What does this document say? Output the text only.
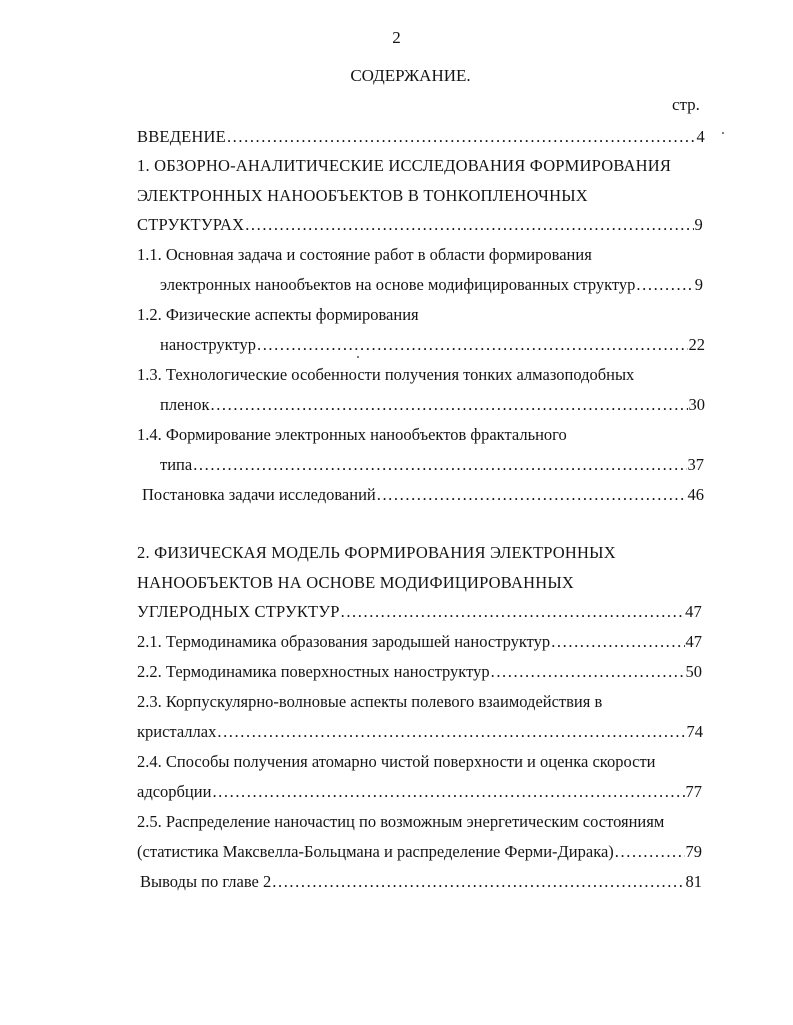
2
СОДЕРЖАНИЕ.
стр.
ВВЕДЕНИЕ .....	4
1. ОБЗОРНО-АНАЛИТИЧЕСКИЕ ИССЛЕДОВАНИЯ ФОРМИРОВАНИЯ
ЭЛЕКТРОННЫХ НАНООБЪЕКТОВ В ТОНКОПЛЕНОЧНЫХ
СТРУКТУРАХ .....	9
1.1. Основная задача и состояние работ в области формирования
электронных нанообъектов на основе модифицированных структур .....	9
1.2. Физические аспекты формирования
наноструктур .....	22
1.3. Технологические особенности получения тонких алмазоподобных
пленок .....	30
1.4. Формирование электронных нанообъектов фрактального
типа .....	37
Постановка задачи исследований .....	46
2. ФИЗИЧЕСКАЯ МОДЕЛЬ ФОРМИРОВАНИЯ ЭЛЕКТРОННЫХ
НАНООБЪЕКТОВ НА ОСНОВЕ МОДИФИЦИРОВАННЫХ
УГЛЕРОДНЫХ СТРУКТУР .....	47
2.1. Термодинамика образования зародышей наноструктур .....	47
2.2. Термодинамика поверхностных наноструктур .....	50
2.3. Корпускулярно-волновые аспекты полевого взаимодействия в
кристаллах .....	74
2.4. Способы получения атомарно чистой поверхности и оценка скорости
адсорбции .....	77
2.5. Распределение наночастиц по возможным энергетическим состояниям
(статистика Максвелла-Больцмана и распределение Ферми-Дирака) .....	79
Выводы по главе 2 .....	81
